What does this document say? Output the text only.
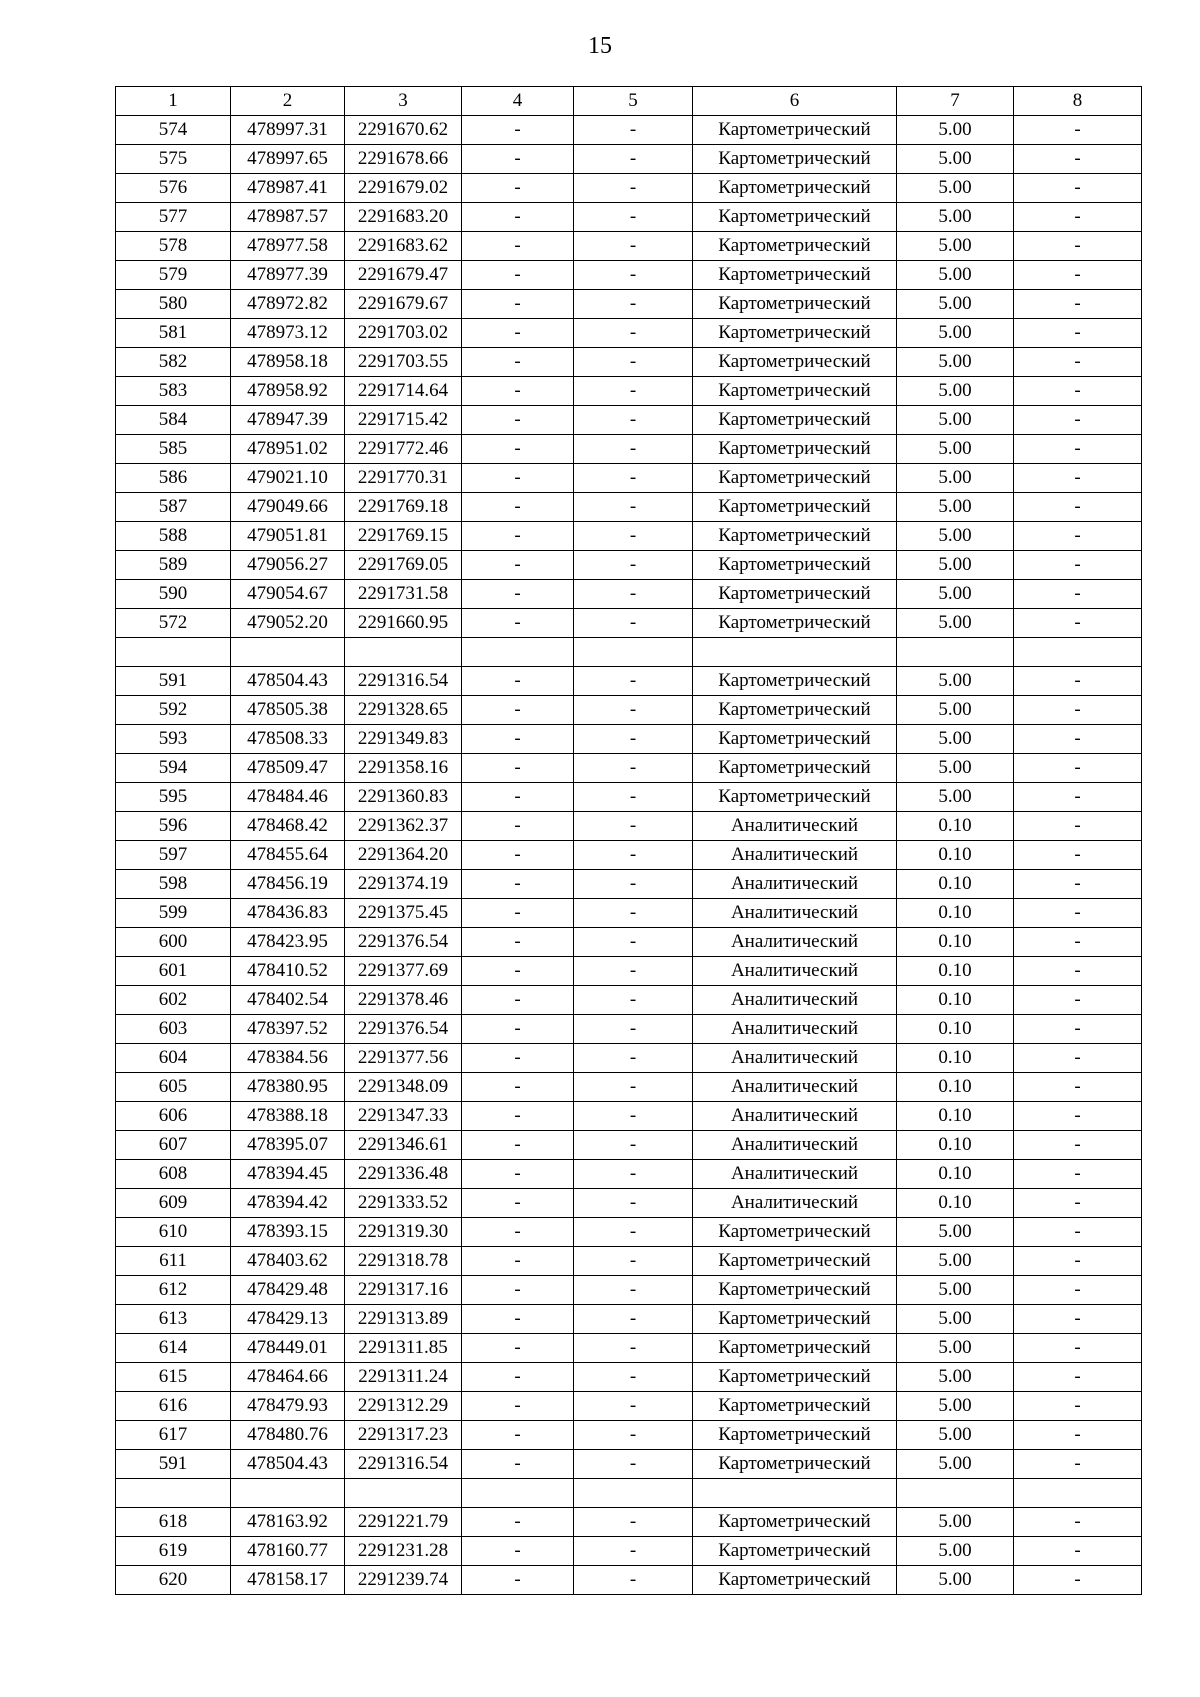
15
1	2	3	4	5	6	7	8
574	478997.31	2291670.62	-	-	Картометрический	5.00	-
575	478997.65	2291678.66	-	-	Картометрический	5.00	-
576	478987.41	2291679.02	-	-	Картометрический	5.00	-
577	478987.57	2291683.20	-	-	Картометрический	5.00	-
578	478977.58	2291683.62	-	-	Картометрический	5.00	-
579	478977.39	2291679.47	-	-	Картометрический	5.00	-
580	478972.82	2291679.67	-	-	Картометрический	5.00	-
581	478973.12	2291703.02	-	-	Картометрический	5.00	-
582	478958.18	2291703.55	-	-	Картометрический	5.00	-
583	478958.92	2291714.64	-	-	Картометрический	5.00	-
584	478947.39	2291715.42	-	-	Картометрический	5.00	-
585	478951.02	2291772.46	-	-	Картометрический	5.00	-
586	479021.10	2291770.31	-	-	Картометрический	5.00	-
587	479049.66	2291769.18	-	-	Картометрический	5.00	-
588	479051.81	2291769.15	-	-	Картометрический	5.00	-
589	479056.27	2291769.05	-	-	Картометрический	5.00	-
590	479054.67	2291731.58	-	-	Картометрический	5.00	-
572	479052.20	2291660.95	-	-	Картометрический	5.00	-

591	478504.43	2291316.54	-	-	Картометрический	5.00	-
592	478505.38	2291328.65	-	-	Картометрический	5.00	-
593	478508.33	2291349.83	-	-	Картометрический	5.00	-
594	478509.47	2291358.16	-	-	Картометрический	5.00	-
595	478484.46	2291360.83	-	-	Картометрический	5.00	-
596	478468.42	2291362.37	-	-	Аналитический	0.10	-
597	478455.64	2291364.20	-	-	Аналитический	0.10	-
598	478456.19	2291374.19	-	-	Аналитический	0.10	-
599	478436.83	2291375.45	-	-	Аналитический	0.10	-
600	478423.95	2291376.54	-	-	Аналитический	0.10	-
601	478410.52	2291377.69	-	-	Аналитический	0.10	-
602	478402.54	2291378.46	-	-	Аналитический	0.10	-
603	478397.52	2291376.54	-	-	Аналитический	0.10	-
604	478384.56	2291377.56	-	-	Аналитический	0.10	-
605	478380.95	2291348.09	-	-	Аналитический	0.10	-
606	478388.18	2291347.33	-	-	Аналитический	0.10	-
607	478395.07	2291346.61	-	-	Аналитический	0.10	-
608	478394.45	2291336.48	-	-	Аналитический	0.10	-
609	478394.42	2291333.52	-	-	Аналитический	0.10	-
610	478393.15	2291319.30	-	-	Картометрический	5.00	-
611	478403.62	2291318.78	-	-	Картометрический	5.00	-
612	478429.48	2291317.16	-	-	Картометрический	5.00	-
613	478429.13	2291313.89	-	-	Картометрический	5.00	-
614	478449.01	2291311.85	-	-	Картометрический	5.00	-
615	478464.66	2291311.24	-	-	Картометрический	5.00	-
616	478479.93	2291312.29	-	-	Картометрический	5.00	-
617	478480.76	2291317.23	-	-	Картометрический	5.00	-
591	478504.43	2291316.54	-	-	Картометрический	5.00	-

618	478163.92	2291221.79	-	-	Картометрический	5.00	-
619	478160.77	2291231.28	-	-	Картометрический	5.00	-
620	478158.17	2291239.74	-	-	Картометрический	5.00	-
